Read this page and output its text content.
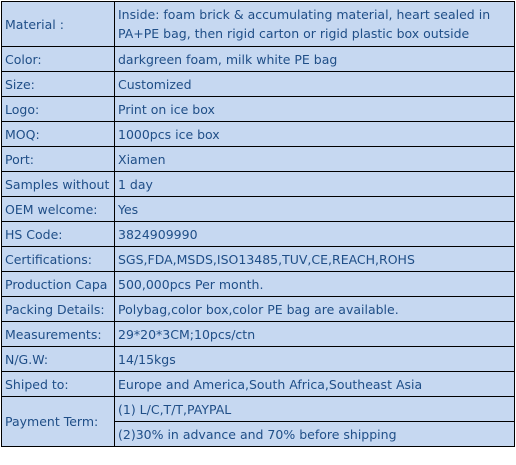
Material :	Inside: foam brick & accumulating material, heart sealed in PA+PE bag, then rigid carton or rigid plastic box outside
Color:	darkgreen foam, milk white PE bag
Size:	Customized
Logo:	Print on ice box
MOQ:	1000pcs ice box
Port:	Xiamen
Samples without	1 day
OEM welcome:	Yes
HS Code:	3824909990
Certifications:	SGS,FDA,MSDS,ISO13485,TUV,CE,REACH,ROHS
Production Capa	500,000pcs Per month.
Packing Details:	Polybag,color box,color PE bag are available.
Measurements:	29*20*3CM;10pcs/ctn
N/G.W:	14/15kgs
Shiped to:	Europe and America,South Africa,Southeast Asia
Payment Term:	(1) L/C,T/T,PAYPAL
	(2)30% in advance and 70% before shipping
